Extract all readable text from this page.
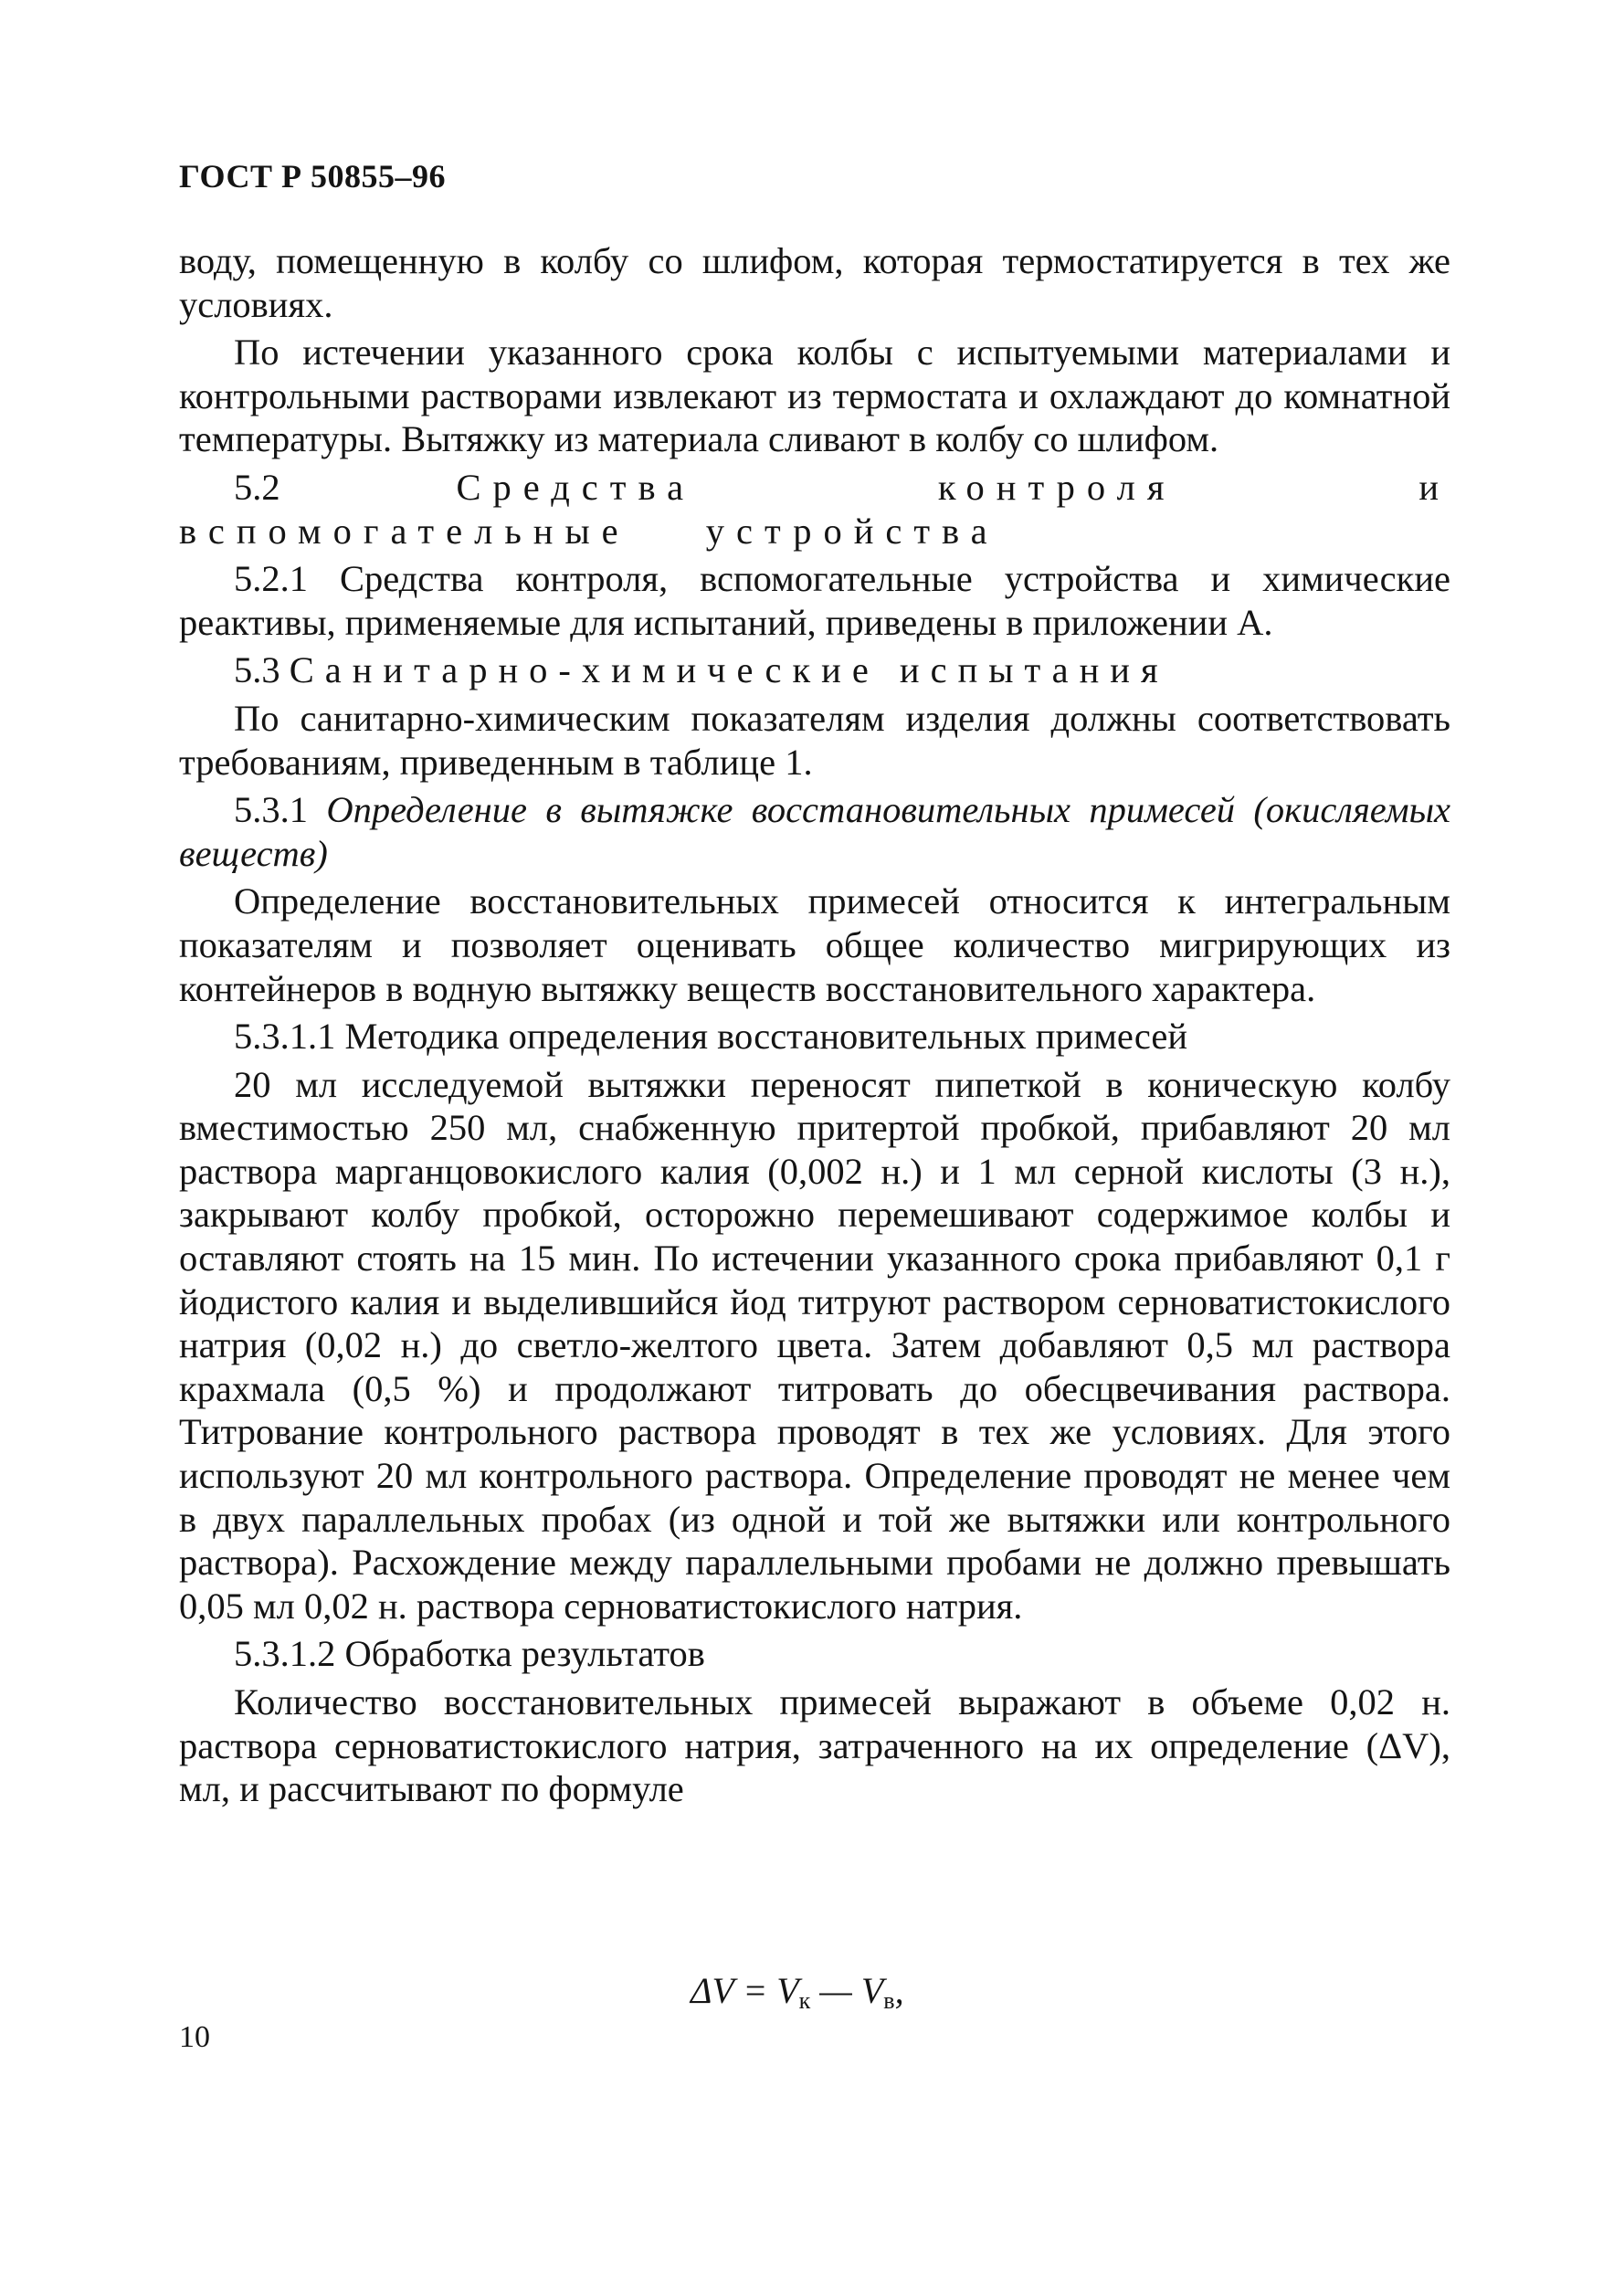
ГОСТ Р 50855–96

воду, помещенную в колбу со шлифом, которая термостатируется в тех же условиях.

По истечении указанного срока колбы с испытуемыми материалами и контрольными растворами извлекают из термостата и охлаждают до комнатной температуры. Вытяжку из материала сливают в колбу со шлифом.

5.2	Средства контроля и вспомогательные устройства

5.2.1 Средства контроля, вспомогательные устройства и химические реактивы, применяемые для испытаний, приведены в приложении А.

5.3 Санитарно-химические испытания

По санитарно-химическим показателям изделия должны соответствовать требованиям, приведенным в таблице 1.

5.3.1 Определение в вытяжке восстановительных примесей (окисляемых веществ)

Определение восстановительных примесей относится к интегральным показателям и позволяет оценивать общее количество мигрирующих из контейнеров в водную вытяжку веществ восстановительного характера.

5.3.1.1 Методика определения восстановительных примесей

20 мл исследуемой вытяжки переносят пипеткой в коническую колбу вместимостью 250 мл, снабженную притертой пробкой, прибавляют 20 мл раствора марганцовокислого калия (0,002 н.) и 1 мл серной кислоты (3 н.), закрывают колбу пробкой, осторожно перемешивают содержимое колбы и оставляют стоять на 15 мин. По истечении указанного срока прибавляют 0,1 г йодистого калия и выделившийся йод титруют раствором серноватистокислого натрия (0,02 н.) до светло-желтого цвета. Затем добавляют 0,5 мл раствора крахмала (0,5 %) и продолжают титровать до обесцвечивания раствора. Титрование контрольного раствора проводят в тех же условиях. Для этого используют 20 мл контрольного раствора. Определение проводят не менее чем в двух параллельных пробах (из одной и той же вытяжки или контрольного раствора). Расхождение между параллельными пробами не должно превышать 0,05 мл 0,02 н. раствора серноватистокислого натрия.

5.3.1.2 Обработка результатов

Количество восстановительных примесей выражают в объеме 0,02 н. раствора серноватистокислого натрия, затраченного на их определение (ΔV), мл, и рассчитывают по формуле

$\Delta V = V_к$ — $V_в$,
10
